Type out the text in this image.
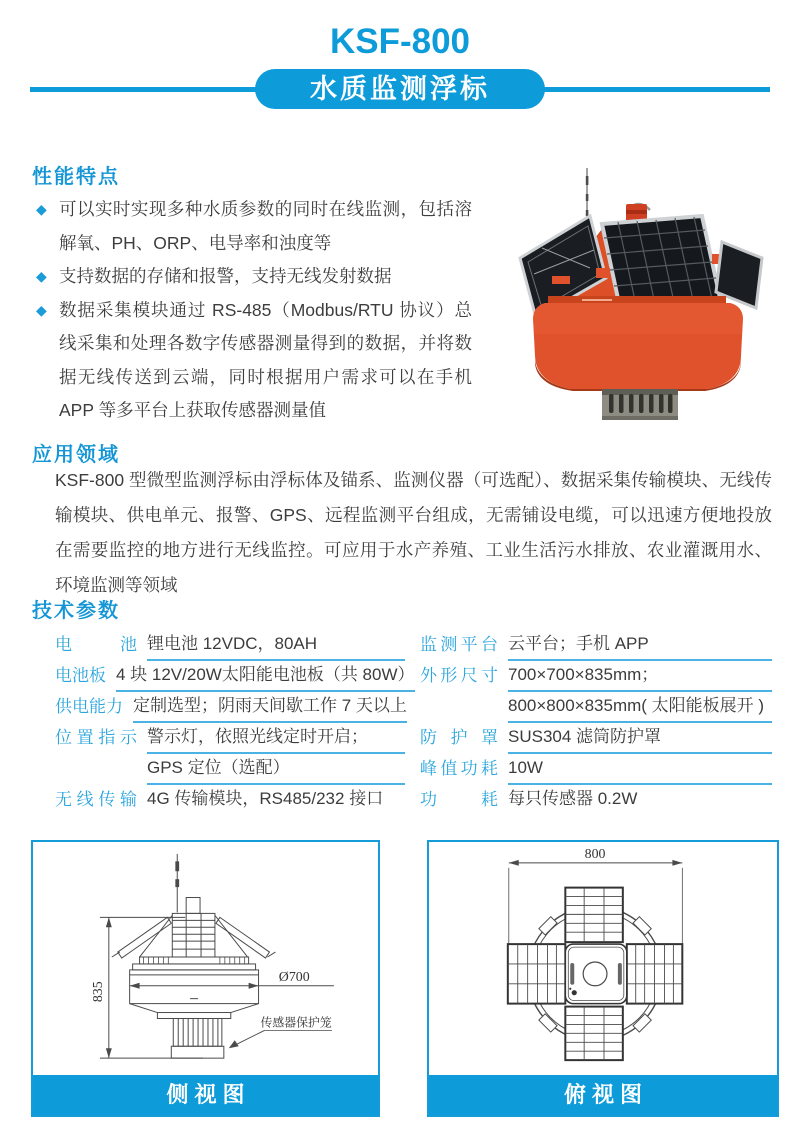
KSF-800
水质监测浮标
性能特点
◆ 可以实时实现多种水质参数的同时在线监测，包括溶解氧、PH、ORP、电导率和浊度等
◆ 支持数据的存储和报警，支持无线发射数据
◆ 数据采集模块通过 RS-485（Modbus/RTU 协议）总线采集和处理各数字传感器测量得到的数据，并将数据无线传送到云端，同时根据用户需求可以在手机 APP 等多平台上获取传感器测量值
应用领域
KSF-800 型微型监测浮标由浮标体及锚系、监测仪器（可选配）、数据采集传输模块、无线传输模块、供电单元、报警、GPS、远程监测平台组成，无需铺设电缆，可以迅速方便地投放在需要监控的地方进行无线监控。可应用于水产养殖、工业生活污水排放、农业灌溉用水、环境监测等领域
技术参数
电池 锂电池 12VDC，80AH
电池板 4 块 12V/20W太阳能电池板（共 80W）
供电能力 定制选型；阴雨天间歇工作 7 天以上
位置指示 警示灯，依照光线定时开启；
GPS 定位（选配）
无线传输 4G 传输模块，RS485/232 接口
监测平台 云平台；手机 APP
外形尺寸 700×700×835mm；
800×800×835mm( 太阳能板展开 )
防护罩 SUS304 滤筒防护罩
峰值功耗 10W
功耗 每只传感器 0.2W
835
Ø700
传感器保护笼
侧视图
800
俯视图
